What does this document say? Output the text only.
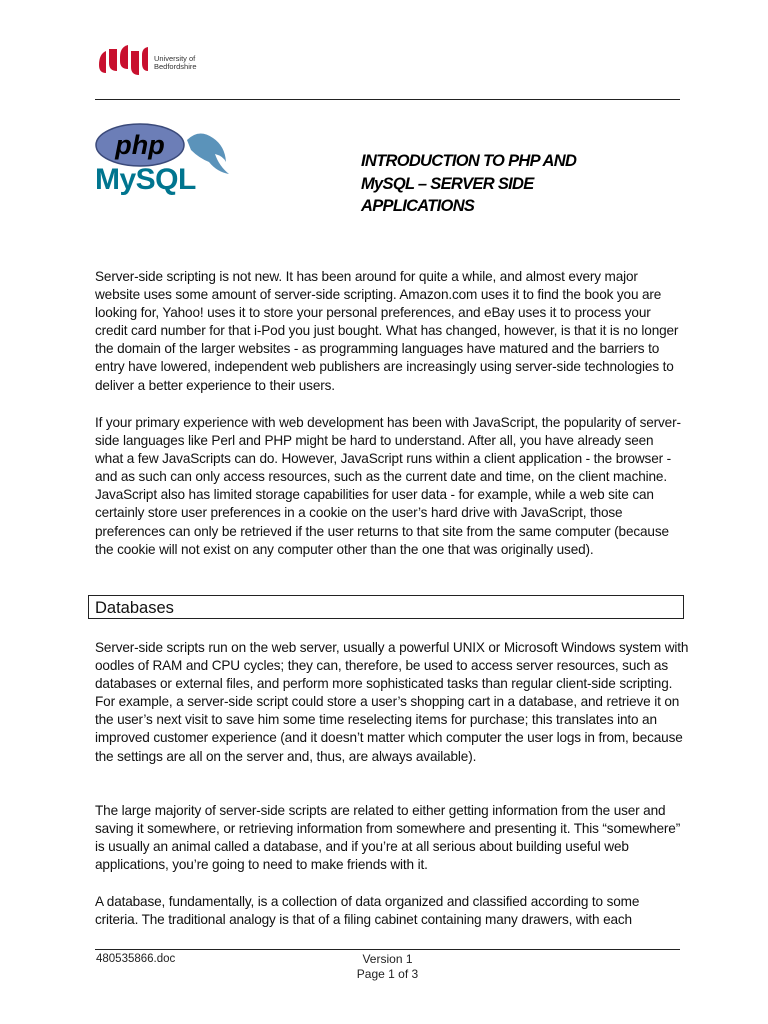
University of
Bedfordshire
php
MySQL
INTRODUCTION TO PHP AND
MySQL – SERVER SIDE
APPLICATIONS

Server-side scripting is not new. It has been around for quite a while, and almost every major website uses some amount of server-side scripting. Amazon.com uses it to find the book you are looking for, Yahoo! uses it to store your personal preferences, and eBay uses it to process your credit card number for that i-Pod you just bought. What has changed, however, is that it is no longer the domain of the larger websites - as programming languages have matured and the barriers to entry have lowered, independent web publishers are increasingly using server-side technologies to deliver a better experience to their users.

If your primary experience with web development has been with JavaScript, the popularity of server-side languages like Perl and PHP might be hard to understand. After all, you have already seen what a few JavaScripts can do. However, JavaScript runs within a client application - the browser - and as such can only access resources, such as the current date and time, on the client machine. JavaScript also has limited storage capabilities for user data - for example, while a web site can certainly store user preferences in a cookie on the user’s hard drive with JavaScript, those preferences can only be retrieved if the user returns to that site from the same computer (because the cookie will not exist on any computer other than the one that was originally used).

Databases

Server-side scripts run on the web server, usually a powerful UNIX or Microsoft Windows system with oodles of RAM and CPU cycles; they can, therefore, be used to access server resources, such as databases or external files, and perform more sophisticated tasks than regular client-side scripting. For example, a server-side script could store a user’s shopping cart in a database, and retrieve it on the user’s next visit to save him some time reselecting items for purchase; this translates into an improved customer experience (and it doesn’t matter which computer the user logs in from, because the settings are all on the server and, thus, are always available).

The large majority of server-side scripts are related to either getting information from the user and saving it somewhere, or retrieving information from somewhere and presenting it. This “somewhere” is usually an animal called a database, and if you’re at all serious about building useful web applications, you’re going to need to make friends with it.

A database, fundamentally, is a collection of data organized and classified according to some criteria. The traditional analogy is that of a filing cabinet containing many drawers, with each

480535866.doc	Version 1
Page 1 of 3
